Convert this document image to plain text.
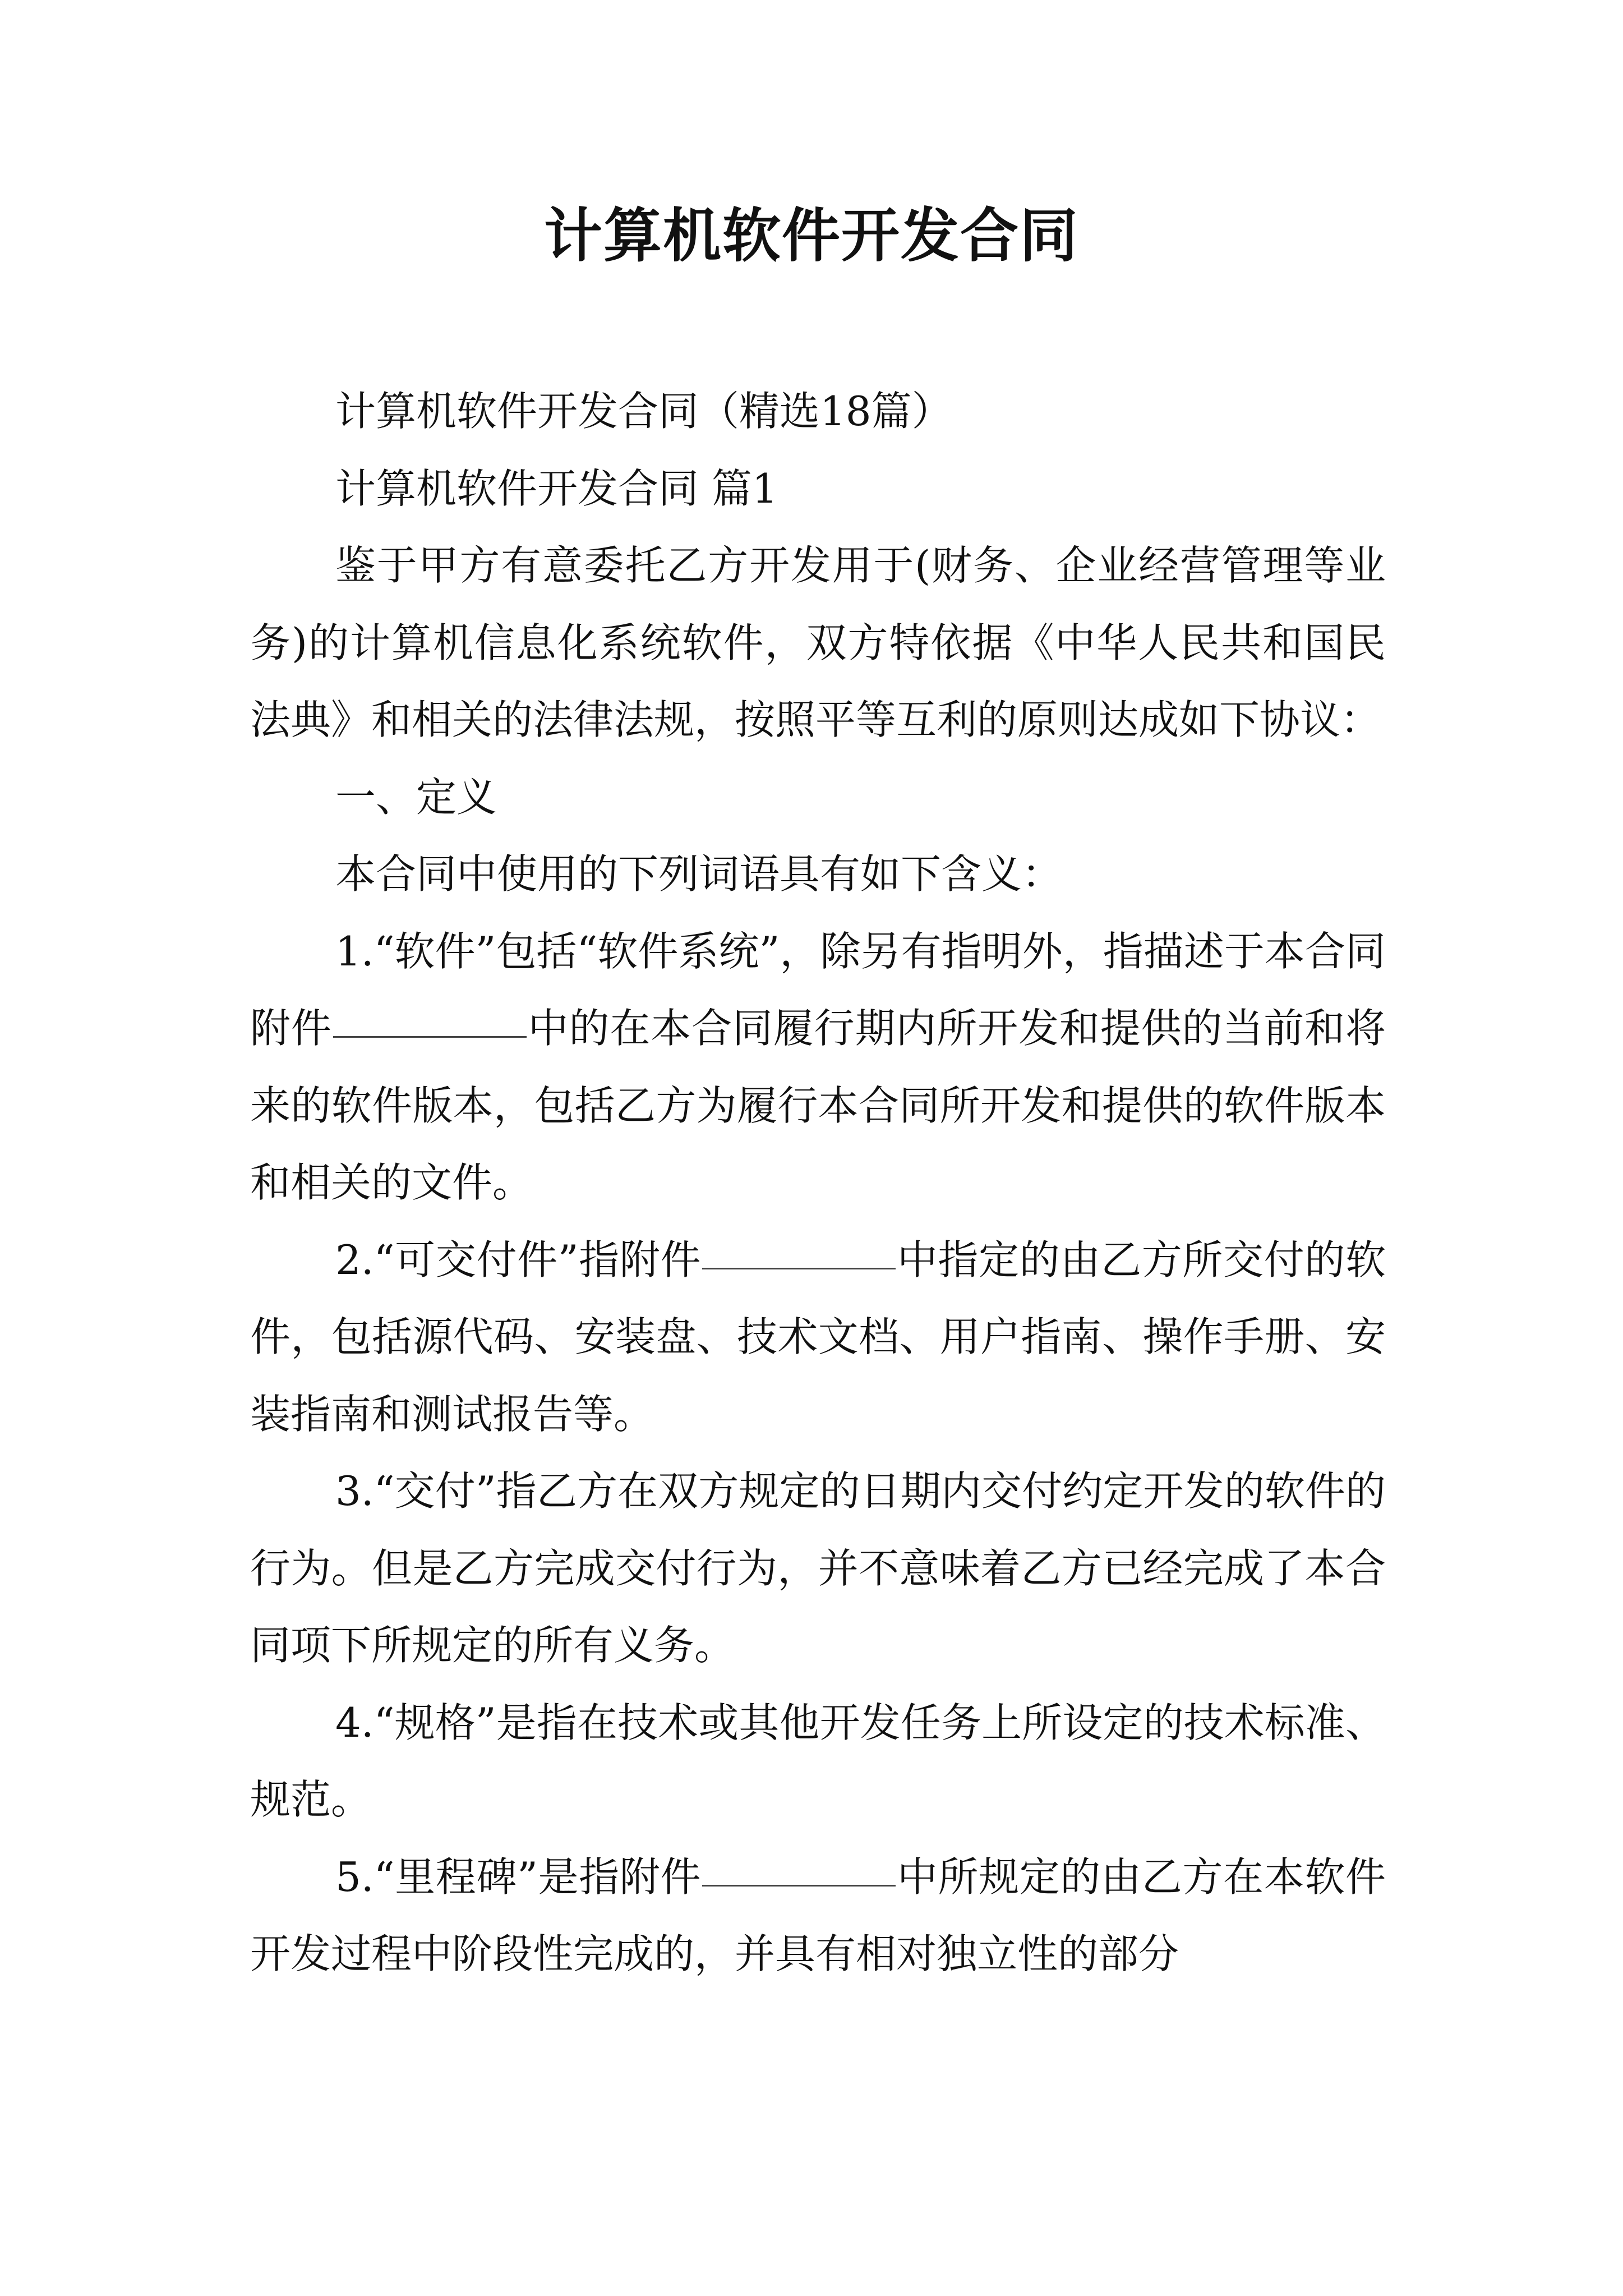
计算机软件开发合同

计算机软件开发合同（精选18篇）

计算机软件开发合同 篇1

鉴于甲方有意委托乙方开发用于(财务、企业经营管理等业务)的计算机信息化系统软件，双方特依据《中华人民共和国民法典》和相关的法律法规，按照平等互利的原则达成如下协议：

一、定义

本合同中使用的下列词语具有如下含义：

1.“软件”包括“软件系统”，除另有指明外，指描述于本合同附件	中的在本合同履行期内所开发和提供的当前和将来的软件版本，包括乙方为履行本合同所开发和提供的软件版本和相关的文件。

2.“可交付件”指附件	中指定的由乙方所交付的软件，包括源代码、安装盘、技术文档、用户指南、操作手册、安装指南和测试报告等。

3.“交付”指乙方在双方规定的日期内交付约定开发的软件的行为。但是乙方完成交付行为，并不意味着乙方已经完成了本合同项下所规定的所有义务。

4.“规格”是指在技术或其他开发任务上所设定的技术标准、规范。

5.“里程碑”是指附件	中所规定的由乙方在本软件开发过程中阶段性完成的，并具有相对独立性的部分
